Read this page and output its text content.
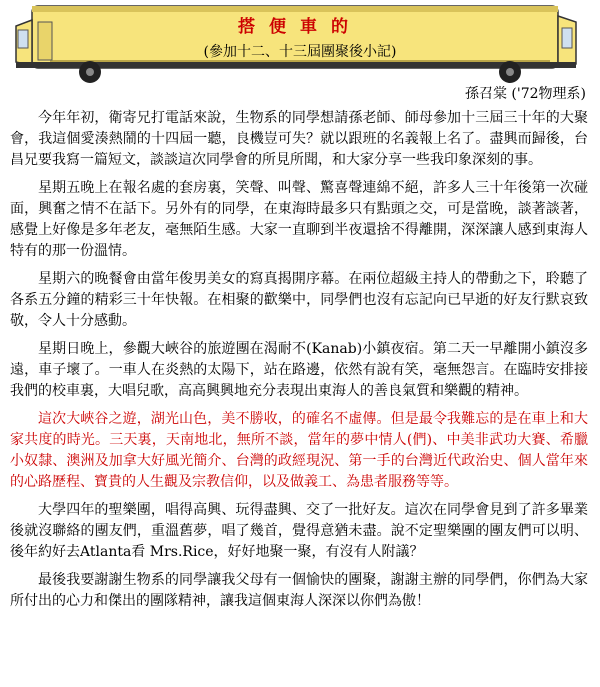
搭便車的
(參加十二、十三屆團聚後小記)
孫召棠 ('72物理系)

今年年初，衛寄兄打電話來說，生物系的同學想請孫老師、師母參加十三屆三十年的大聚會，我這個愛湊熱鬧的十四屆一聽，良機豈可失？就以跟班的名義報上名了。盡興而歸後，台昌兄要我寫一篇短文，談談這次同學會的所見所聞，和大家分享一些我印象深刻的事。

星期五晚上在報名處的套房裏，笑聲、叫聲、驚喜聲連綿不絕，許多人三十年後第一次碰面，興奮之情不在話下。另外有的同學，在東海時最多只有點頭之交，可是當晚，談著談著，感覺上好像是多年老友，毫無陌生感。大家一直聊到半夜還捨不得離開，深深讓人感到東海人特有的那一份溫情。

星期六的晚餐會由當年俊男美女的寫真揭開序幕。在兩位超級主持人的帶動之下，聆聽了各系五分鐘的精彩三十年快報。在相聚的歡樂中，同學們也沒有忘記向已早逝的好友行默哀致敬，令人十分感動。

星期日晚上，參觀大峽谷的旅遊團在渴耐不(Kanab)小鎮夜宿。第二天一早離開小鎮沒多遠，車子壞了。一車人在炎熱的太陽下，站在路邊，依然有說有笑，毫無怨言。在臨時安排接我們的校車裏，大唱兒歌，高高興興地充分表現出東海人的善良氣質和樂觀的精神。

這次大峽谷之遊，湖光山色，美不勝收，的確名不虛傳。但是最令我難忘的是在車上和大家共度的時光。三天裏，天南地北，無所不談，當年的夢中情人(們)、中美非武功大賽、希臘小奴隸、澳洲及加拿大好風光簡介、台灣的政經現況、第一手的台灣近代政治史、個人當年來的心路歷程、寶貴的人生觀及宗教信仰，以及做義工、為患者服務等等。

大學四年的聖樂團，唱得高興、玩得盡興、交了一批好友。這次在同學會見到了許多畢業後就沒聯絡的團友們，重溫舊夢，唱了幾首，覺得意猶未盡。說不定聖樂團的團友們可以明、後年約好去Atlanta看 Mrs.Rice，好好地聚一聚，有沒有人附議？

最後我要謝謝生物系的同學讓我父母有一個愉快的團聚，謝謝主辦的同學們，你們為大家所付出的心力和傑出的團隊精神，讓我這個東海人深深以你們為傲！
